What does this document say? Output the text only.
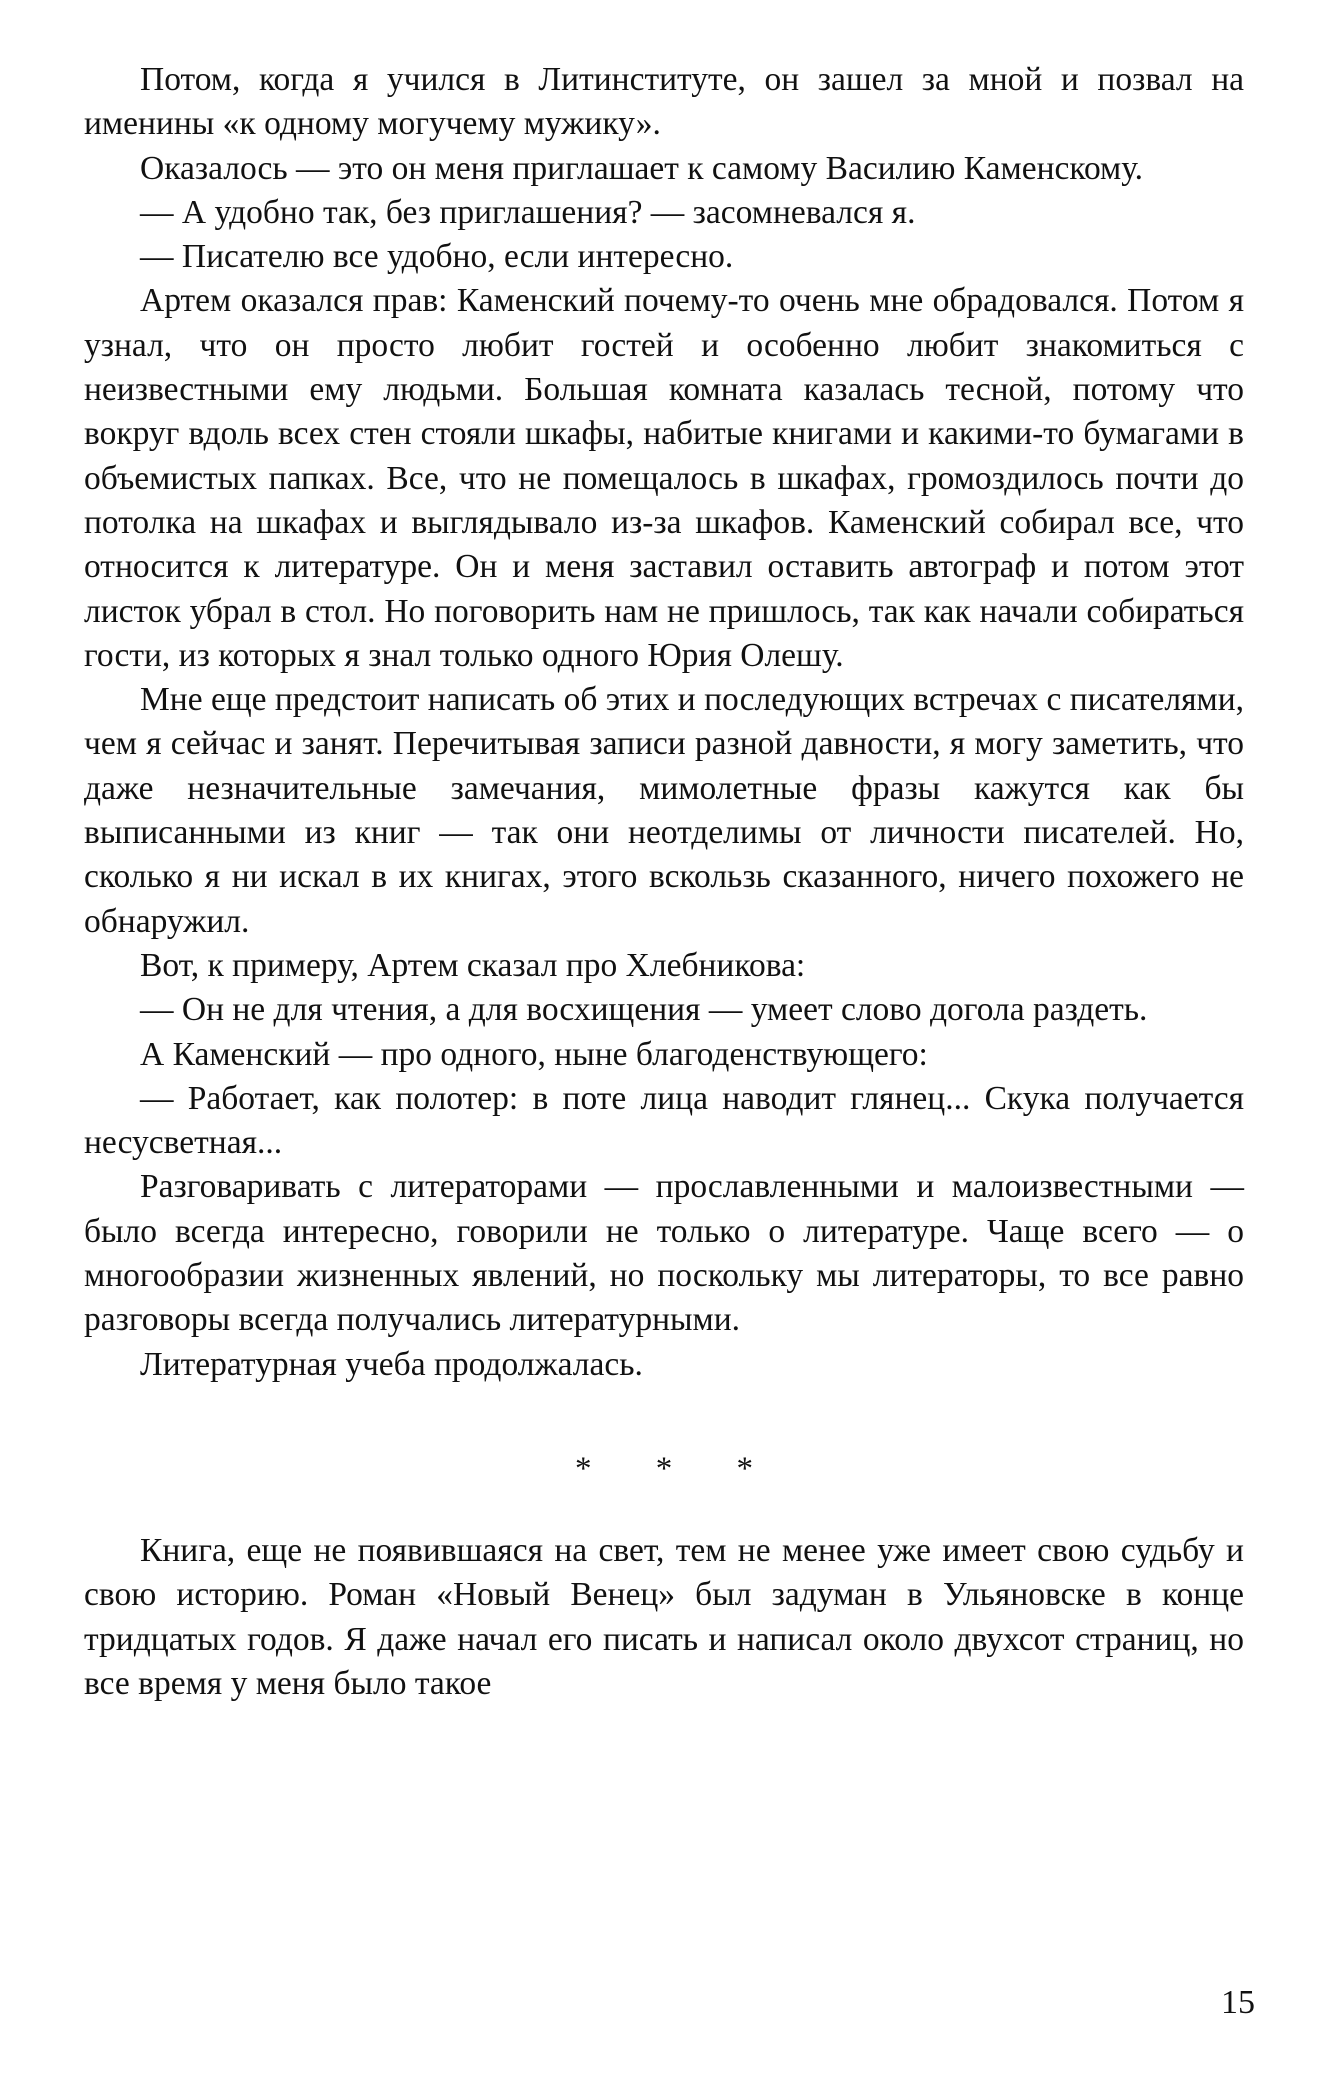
Потом, когда я учился в Литинституте, он зашел за мной и позвал на именины «к одному могучему мужику».

Оказалось — это он меня приглашает к самому Василию Каменскому.

— А удобно так, без приглашения? — засомневался я.

— Писателю все удобно, если интересно.

Артем оказался прав: Каменский почему-то очень мне обрадовался. Потом я узнал, что он просто любит гостей и особенно любит знакомиться с неизвестными ему людьми. Большая комната казалась тесной, потому что вокруг вдоль всех стен стояли шкафы, набитые книгами и какими-то бумагами в объемистых папках. Все, что не помещалось в шкафах, громоздилось почти до потолка на шкафах и выглядывало из-за шкафов. Каменский собирал все, что относится к литературе. Он и меня заставил оставить автограф и потом этот листок убрал в стол. Но поговорить нам не пришлось, так как начали собираться гости, из которых я знал только одного Юрия Олешу.

Мне еще предстоит написать об этих и последующих встречах с писателями, чем я сейчас и занят. Перечитывая записи разной давности, я могу заметить, что даже незначительные замечания, мимолетные фразы кажутся как бы выписанными из книг — так они неотделимы от личности писателей. Но, сколько я ни искал в их книгах, этого вскользь сказанного, ничего похожего не обнаружил.

Вот, к примеру, Артем сказал про Хлебникова:

— Он не для чтения, а для восхищения — умеет слово догола раздеть.

А Каменский — про одного, ныне благоденствующего:

— Работает, как полотер: в поте лица наводит глянец... Скука получается несусветная...

Разговаривать с литераторами — прославленными и малоизвестными — было всегда интересно, говорили не только о литературе. Чаще всего — о многообразии жизненных явлений, но поскольку мы литераторы, то все равно разговоры всегда получались литературными.

Литературная учеба продолжалась.

* * *

Книга, еще не появившаяся на свет, тем не менее уже имеет свою судьбу и свою историю. Роман «Новый Венец» был задуман в Ульяновске в конце тридцатых годов. Я даже начал его писать и написал около двухсот страниц, но все время у меня было такое

15
